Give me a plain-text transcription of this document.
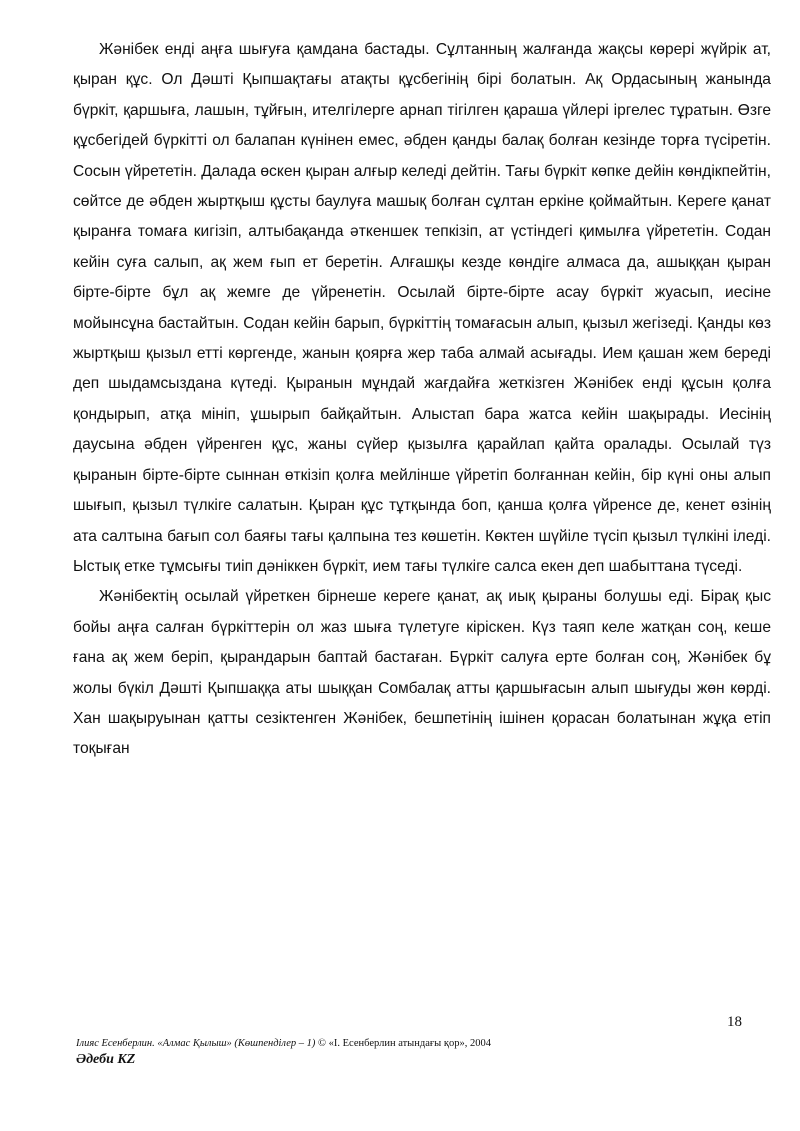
Жәнібек енді аңға шығуға қамдана бастады. Сұлтанның жалғанда жақсы көрері жүйрік ат, қыран құс. Ол Дәшті Қыпшақтағы атақты құсбегінің бірі болатын. Ақ Ордасының жанында бүркіт, қаршыға, лашын, тұйғын, ителгілерге арнап тігілген қараша үйлері іргелес тұратын. Өзге құсбегідей бүркітті ол балапан күнінен емес, әбден қанды балақ болған кезінде торға түсіретін. Сосын үйрететін. Далада өскен қыран алғыр келеді дейтін. Тағы бүркіт көпке дейін көндікпейтін, сөйтсе де әбден жыртқыш құсты баулуға машық болған сұлтан еркіне қоймайтын. Кереге қанат қыранға томаға кигізіп, алтыбақанда әткеншек тепкізіп, ат үстіндегі қимылға үйрететін. Содан кейін суға салып, ақ жем ғып ет беретін. Алғашқы кезде көндіге алмаса да, ашыққан қыран бірте-бірте бұл ақ жемге де үйренетін. Осылай бірте-бірте асау бүркіт жуасып, иесіне мойынсұна бастайтын. Содан кейін барып, бүркіттің томағасын алып, қызыл жегізеді. Қанды көз жыртқыш қызыл етті көргенде, жанын қоярға жер таба алмай асығады. Ием қашан жем береді деп шыдамсыздана күтеді. Қыранын мұндай жағдайға жеткізген Жәнібек енді құсын қолға қондырып, атқа мініп, ұшырып байқайтын. Алыстап бара жатса кейін шақырады. Иесінің даусына әбден үйренген құс, жаны сүйер қызылға қарайлап қайта оралады. Осылай түз қыранын бірте-бірте сыннан өткізіп қолға мейлінше үйретіп болғаннан кейін, бір күні оны алып шығып, қызыл түлкіге салатын. Қыран құс тұтқында боп, қанша қолға үйренсе де, кенет өзінің ата салтына бағып сол баяғы тағы қалпына тез көшетін. Көктен шүйіле түсіп қызыл түлкіні іледі. Ыстық етке тұмсығы тиіп дәніккен бүркіт, ием тағы түлкіге салса екен деп шабыттана түседі.

Жәнібектің осылай үйреткен бірнеше кереге қанат, ақ иық қыраны болушы еді. Бірақ қыс бойы аңға салған бүркіттерін ол жаз шыға түлетуге кіріскен. Күз таяп келе жатқан соң, кеше ғана ақ жем беріп, қырандарын баптай бастаған. Бүркіт салуға ерте болған соң, Жәнібек бұ жолы бүкіл Дәшті Қыпшаққа аты шыққан Сомбалақ атты қаршығасын алып шығуды жөн көрді. Хан шақыруынан қатты сезіктенген Жәнібек, бешпетінің ішінен қорасан болатынан жұқа етіп тоқыған

18
Ілияс Есенберлин. «Алмас Қылыш» (Көшпенділер – 1) © «І. Есенберлин атындағы қор», 2004
Әдеби KZ
